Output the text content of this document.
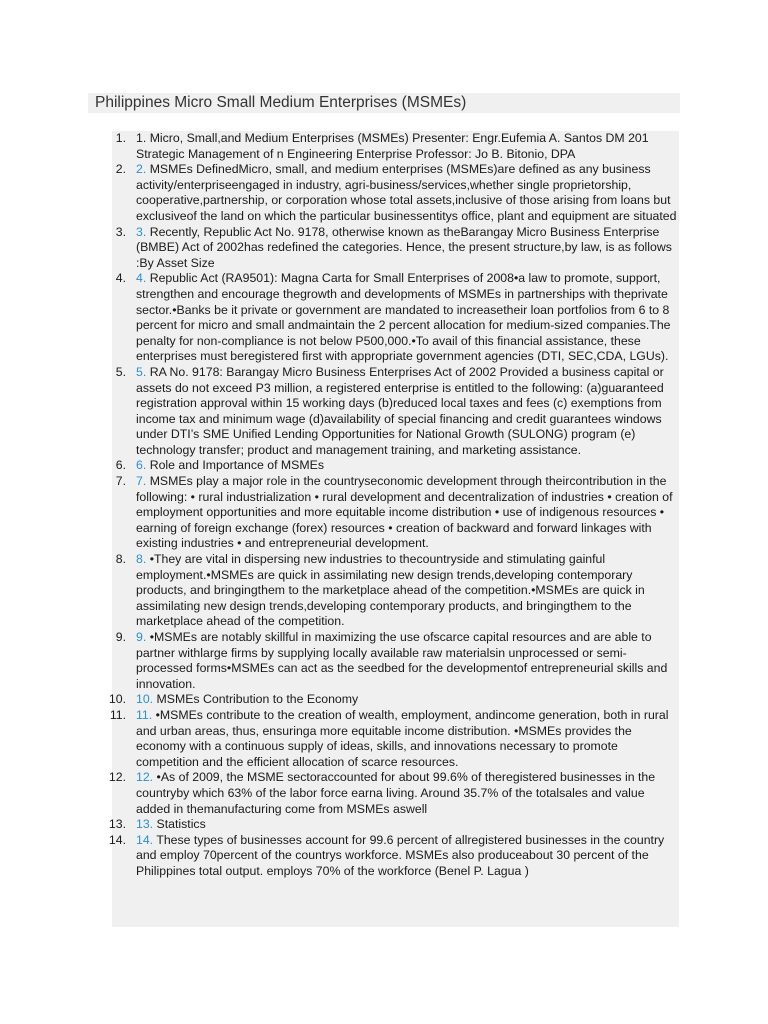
Philippines Micro Small Medium Enterprises (MSMEs)
1. 1. Micro, Small,and Medium Enterprises (MSMEs) Presenter: Engr.Eufemia A. Santos DM 201 Strategic Management of n Engineering Enterprise Professor: Jo B. Bitonio, DPA
2. 2. MSMEs DefinedMicro, small, and medium enterprises (MSMEs)are defined as any business activity/enterpriseengaged in industry, agri-business/services,whether single proprietorship, cooperative,partnership, or corporation whose total assets,inclusive of those arising from loans but exclusiveof the land on which the particular businessentitys office, plant and equipment are situated
3. 3. Recently, Republic Act No. 9178, otherwise known as theBarangay Micro Business Enterprise (BMBE) Act of 2002has redefined the categories. Hence, the present structure,by law, is as follows :By Asset Size
4. 4. Republic Act (RA9501): Magna Carta for Small Enterprises of 2008•a law to promote, support, strengthen and encourage thegrowth and developments of MSMEs in partnerships with theprivate sector.•Banks be it private or government are mandated to increasetheir loan portfolios from 6 to 8 percent for micro and small andmaintain the 2 percent allocation for medium-sized companies.The penalty for non-compliance is not below P500,000.•To avail of this financial assistance, these enterprises must beregistered first with appropriate government agencies (DTI, SEC,CDA, LGUs).
5. 5. RA No. 9178: Barangay Micro Business Enterprises Act of 2002 Provided a business capital or assets do not exceed P3 million, a registered enterprise is entitled to the following: (a)guaranteed registration approval within 15 working days (b)reduced local taxes and fees (c) exemptions from income tax and minimum wage (d)availability of special financing and credit guarantees windows under DTI’s SME Unified Lending Opportunities for National Growth (SULONG) program (e) technology transfer; product and management training, and marketing assistance.
6. 6. Role and Importance of MSMEs
7. 7. MSMEs play a major role in the countryseconomic development through theircontribution in the following: • rural industrialization • rural development and decentralization of industries • creation of employment opportunities and more equitable income distribution • use of indigenous resources • earning of foreign exchange (forex) resources • creation of backward and forward linkages with existing industries • and entrepreneurial development.
8. 8. •They are vital in dispersing new industries to thecountryside and stimulating gainful employment.•MSMEs are quick in assimilating new design trends,developing contemporary products, and bringingthem to the marketplace ahead of the competition.•MSMEs are quick in assimilating new design trends,developing contemporary products, and bringingthem to the marketplace ahead of the competition.
9. 9. •MSMEs are notably skillful in maximizing the use ofscarce capital resources and are able to partner withlarge firms by supplying locally available raw materialsin unprocessed or semi-processed forms•MSMEs can act as the seedbed for the developmentof entrepreneurial skills and innovation.
10. 10. MSMEs Contribution to the Economy
11. 11. •MSMEs contribute to the creation of wealth, employment, andincome generation, both in rural and urban areas, thus, ensuringa more equitable income distribution. •MSMEs provides the economy with a continuous supply of ideas, skills, and innovations necessary to promote competition and the efficient allocation of scarce resources.
12. 12. •As of 2009, the MSME sectoraccounted for about 99.6% of theregistered businesses in the countryby which 63% of the labor force earna living. Around 35.7% of the totalsales and value added in themanufacturing come from MSMEs aswell
13. 13. Statistics
14. 14. These types of businesses account for 99.6 percent of allregistered businesses in the country and employ 70percent of the countrys workforce. MSMEs also produceabout 30 percent of the Philippines total output. employs 70% of the workforce (Benel P. Lagua )
